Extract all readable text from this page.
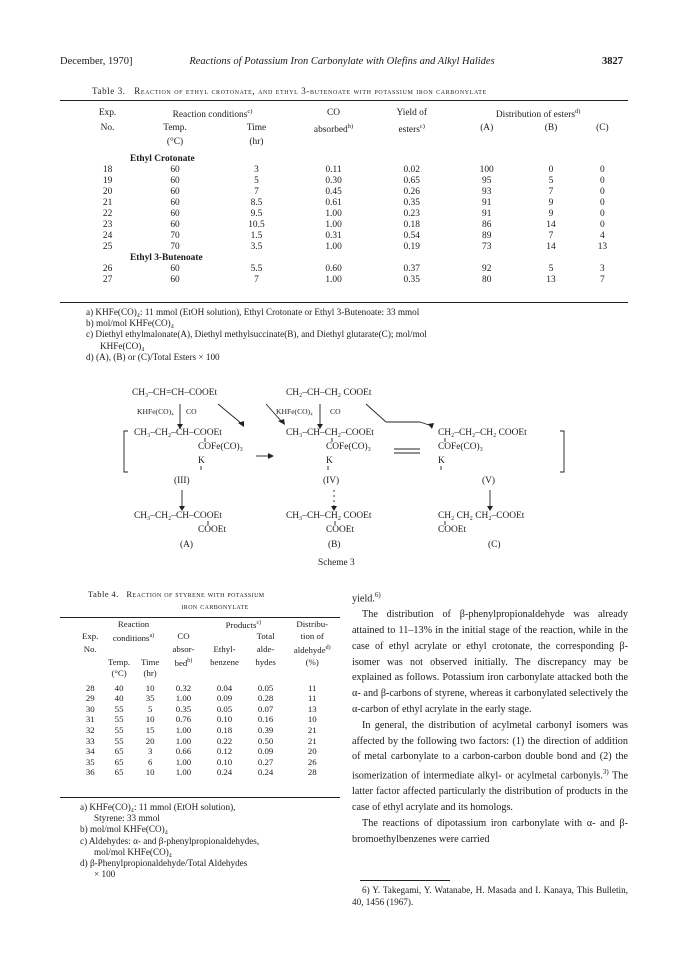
December, 1970]	Reactions of Potassium Iron Carbonylate with Olefins and Alkyl Halides	3827
Table 3. Reaction of ethyl crotonate, and ethyl 3-butenoate with potassium iron carbonylate
Exp.	Reaction conditions$^{c)}$		CO	Yield of	Distribution of esters$^{d)}$
No.	Temp.	Time	absorbed$^{b)}$	esters$^{c)}$	(A)	(B)	(C)
	(°C)	(hr)					

Ethyl Crotonate							
18	60	3	0.11	0.02	100	0	0
19	60	5	0.30	0.65	95	5	0
20	60	7	0.45	0.26	93	7	0
21	60	8.5	0.61	0.35	91	9	0
22	60	9.5	1.00	0.23	91	9	0
23	60	10.5	1.00	0.18	86	14	0
24	70	1.5	0.31	0.54	89	7	4
25	70	3.5	1.00	0.19	73	14	13
Ethyl 3-Butenoate							
26	60	5.5	0.60	0.37	92	5	3
27	60	7	1.00	0.35	80	13	7
a) KHFe(CO)₄: 11 mmol (EtOH solution), Ethyl Crotonate or Ethyl 3-Butenoate: 33 mmol
b) mol/mol KHFe(CO)₄
c) Diethyl ethylmalonate(A), Diethyl methylsuccinate(B), and Diethyl glutarate(C); mol/mol
KHFe(CO)₄
d) (A), (B) or (C)/Total Esters × 100
CH₃–CH=CH–COOEt	CH₂–CH–CH₂ COOEt
KHFe(CO)₄ CO	KHFe(CO)₄ CO
CH₃–CH₂–CH–COOEt
COFe(CO)₃
K
CH₃–CH–CH₂–COOEt
COFe(CO)₃
K
CH₂–CH₂–CH₂ COOEt
COFe(CO)₃
K
(III)	(IV)	(V)
CH₃–CH₂–CH–COOEt
COOEt
CH₃–CH–CH₂ COOEt
COOEt
CH₂ CH₂ CH₂–COOEt
COOEt
(A)	(B)	(C)
Scheme 3
Table 4. Reaction of styrene with potassium
iron carbonylate
	Reaction			Products$^{c)}$		Distribu-
Exp.	conditions$^{a)}$		CO		Total	tion of
No.			absor-	Ethyl-	alde-	aldehyde$^{d)}$
	Temp.	Time	bed$^{b)}$	benzene	hydes	(%)
	(°C)	(hr)				

28	40	10	0.32	0.04	0.05	11
29	40	35	1.00	0.09	0.28	11
30	55	5	0.35	0.05	0.07	13
31	55	10	0.76	0.10	0.16	10
32	55	15	1.00	0.18	0.39	21
33	55	20	1.00	0.22	0.50	21
34	65	3	0.66	0.12	0.09	20
35	65	6	1.00	0.10	0.27	26
36	65	10	1.00	0.24	0.24	28
a) KHFe(CO)₄: 11 mmol (EtOH solution),
Styrene: 33 mmol
b) mol/mol KHFe(CO)₄
c) Aldehydes: α- and β-phenylpropionaldehydes,
mol/mol KHFe(CO)₄
d) β-Phenylpropionaldehyde/Total Aldehydes
× 100

yield.$^{6)}$

The distribution of β-phenylpropionaldehyde was already attained to 11–13% in the initial stage of the reaction, while in the case of ethyl acrylate or ethyl crotonate, the corresponding β-isomer was not observed initially. The discrepancy may be explained as follows. Potassium iron carbonylate attacked both the α- and β-carbons of styrene, whereas it carbonylated selectively the α-carbon of ethyl acrylate in the early stage.

In general, the distribution of acylmetal carbonyl isomers was affected by the following two factors: (1) the direction of addition of metal carbonylate to a carbon-carbon double bond and (2) the isomerization of intermediate alkyl- or acylmetal carbonyls.$^{3)}$ The latter factor affected particularly the distribution of products in the case of ethyl acrylate and its homologs.

The reactions of dipotassium iron carbonylate with α- and β-bromoethylbenzenes were carried

6) Y. Takegami, Y. Watanabe, H. Masada and I. Kanaya, This Bulletin, 40, 1456 (1967).
